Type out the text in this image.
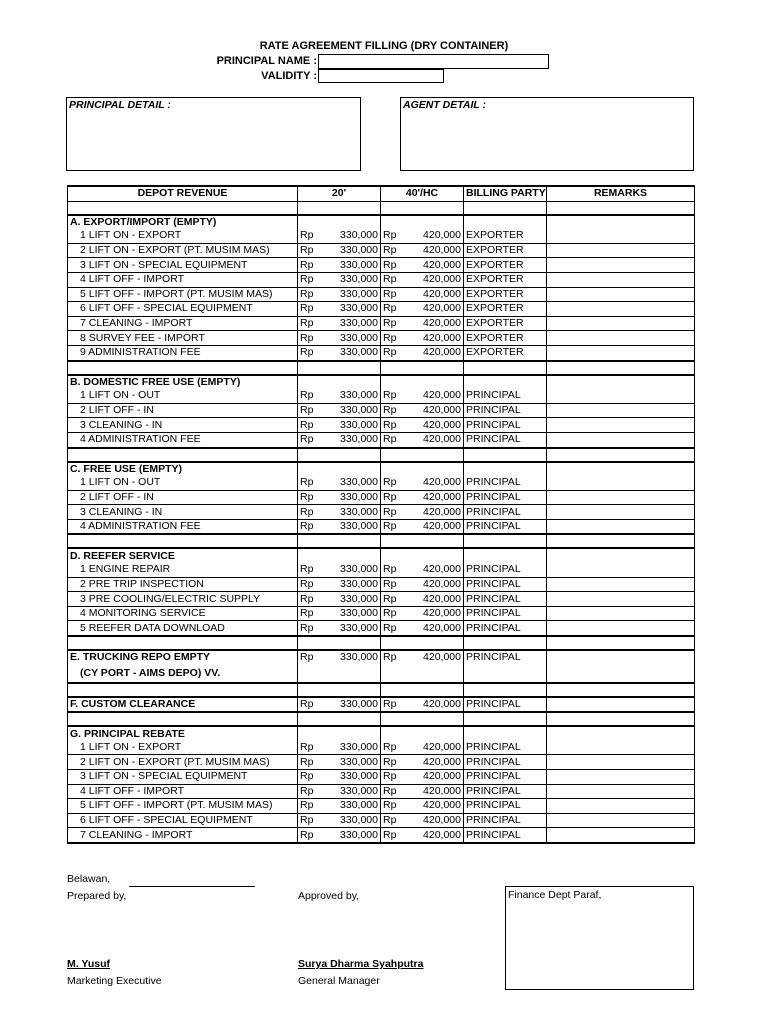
RATE AGREEMENT FILLING (DRY CONTAINER)
PRINCIPAL NAME :
VALIDITY :
PRINCIPAL DETAIL :	AGENT DETAIL :
DEPOT REVENUE	20'	40'/HC	BILLING PARTY	REMARKS

A. EXPORT/IMPORT (EMPTY)				
1 LIFT ON - EXPORT	Rp 330,000	Rp 420,000	EXPORTER	
2 LIFT ON - EXPORT (PT. MUSIM MAS)	Rp 330,000	Rp 420,000	EXPORTER	
3 LIFT ON - SPECIAL EQUIPMENT	Rp 330,000	Rp 420,000	EXPORTER	
4 LIFT OFF - IMPORT	Rp 330,000	Rp 420,000	EXPORTER	
5 LIFT OFF - IMPORT (PT. MUSIM MAS)	Rp 330,000	Rp 420,000	EXPORTER	
6 LIFT OFF - SPECIAL EQUIPMENT	Rp 330,000	Rp 420,000	EXPORTER	
7 CLEANING - IMPORT	Rp 330,000	Rp 420,000	EXPORTER	
8 SURVEY FEE - IMPORT	Rp 330,000	Rp 420,000	EXPORTER	
9 ADMINISTRATION FEE	Rp 330,000	Rp 420,000	EXPORTER	

B. DOMESTIC FREE USE (EMPTY)				
1 LIFT ON - OUT	Rp 330,000	Rp 420,000	PRINCIPAL	
2 LIFT OFF - IN	Rp 330,000	Rp 420,000	PRINCIPAL	
3 CLEANING - IN	Rp 330,000	Rp 420,000	PRINCIPAL	
4 ADMINISTRATION FEE	Rp 330,000	Rp 420,000	PRINCIPAL	

C. FREE USE (EMPTY)				
1 LIFT ON - OUT	Rp 330,000	Rp 420,000	PRINCIPAL	
2 LIFT OFF - IN	Rp 330,000	Rp 420,000	PRINCIPAL	
3 CLEANING - IN	Rp 330,000	Rp 420,000	PRINCIPAL	
4 ADMINISTRATION FEE	Rp 330,000	Rp 420,000	PRINCIPAL	

D. REEFER SERVICE				
1 ENGINE REPAIR	Rp 330,000	Rp 420,000	PRINCIPAL	
2 PRE TRIP INSPECTION	Rp 330,000	Rp 420,000	PRINCIPAL	
3 PRE COOLING/ELECTRIC SUPPLY	Rp 330,000	Rp 420,000	PRINCIPAL	
4 MONITORING SERVICE	Rp 330,000	Rp 420,000	PRINCIPAL	
5 REEFER DATA DOWNLOAD	Rp 330,000	Rp 420,000	PRINCIPAL	

E. TRUCKING REPO EMPTY	Rp 330,000	Rp 420,000	PRINCIPAL	
(CY PORT - AIMS DEPO) VV.				

F. CUSTOM CLEARANCE	Rp 330,000	Rp 420,000	PRINCIPAL	

G. PRINCIPAL REBATE				
1 LIFT ON - EXPORT	Rp 330,000	Rp 420,000	PRINCIPAL	
2 LIFT ON - EXPORT (PT. MUSIM MAS)	Rp 330,000	Rp 420,000	PRINCIPAL	
3 LIFT ON - SPECIAL EQUIPMENT	Rp 330,000	Rp 420,000	PRINCIPAL	
4 LIFT OFF - IMPORT	Rp 330,000	Rp 420,000	PRINCIPAL	
5 LIFT OFF - IMPORT (PT. MUSIM MAS)	Rp 330,000	Rp 420,000	PRINCIPAL	
6 LIFT OFF - SPECIAL EQUIPMENT	Rp 330,000	Rp 420,000	PRINCIPAL	
7 CLEANING - IMPORT	Rp 330,000	Rp 420,000	PRINCIPAL	
Belawan,
Prepared by,	Approved by,	Finance Dept Paraf,
M. Yusuf
Marketing Executive
Surya Dharma Syahputra
General Manager
